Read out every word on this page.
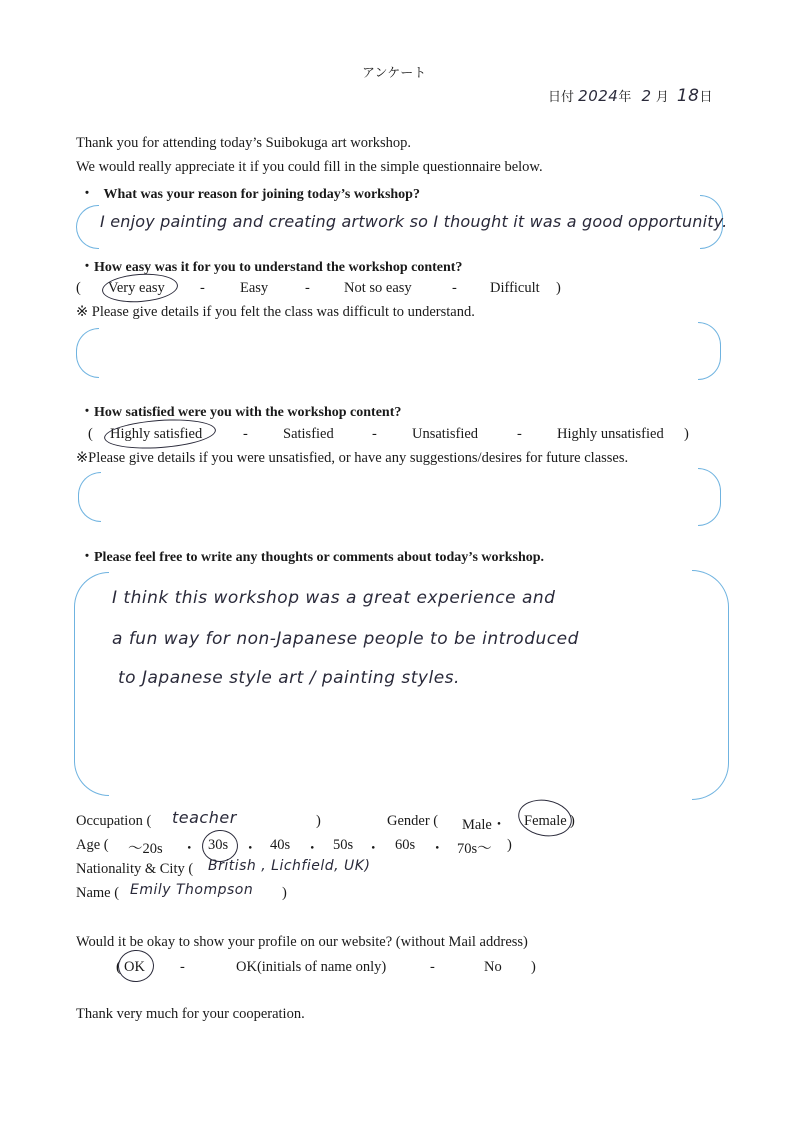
アンケート
日付 2024年 2 月 18日
Thank you for attending today’s Suibokuga art workshop.
We would really appreciate it if you could fill in the simple questionnaire below.
・ What was your reason for joining today’s workshop?
I enjoy painting and creating artwork so I thought it was a good opportunity.
・How easy was it for you to understand the workshop content?
( Very easy - Easy	- Not so easy	- Difficult )
※ Please give details if you felt the class was difficult to understand.
・How satisfied were you with the workshop content?
( Highly satisfied	- Satisfied	- Unsatisfied	- Highly unsatisfied )
※Please give details if you were unsatisfied, or have any suggestions/desires for future classes.
・Please feel free to write any thoughts or comments about today’s workshop.
I think this workshop was a great experience and
a fun way for non-Japanese people to be introduced
to Japanese style art / painting styles.
Occupation ( teacher	)	Gender ( Male・ Female )
Age ( ～20s ・ 30s ・ 40s ・ 50s ・ 60s ・ 70s～ )
Nationality & City ( British , Lichfield, UK)
Name ( Emily Thompson )
Would it be okay to show your profile on our website? (without Mail address)
( OK -	OK(initials of name only)	-	No )
Thank very much for your cooperation.
